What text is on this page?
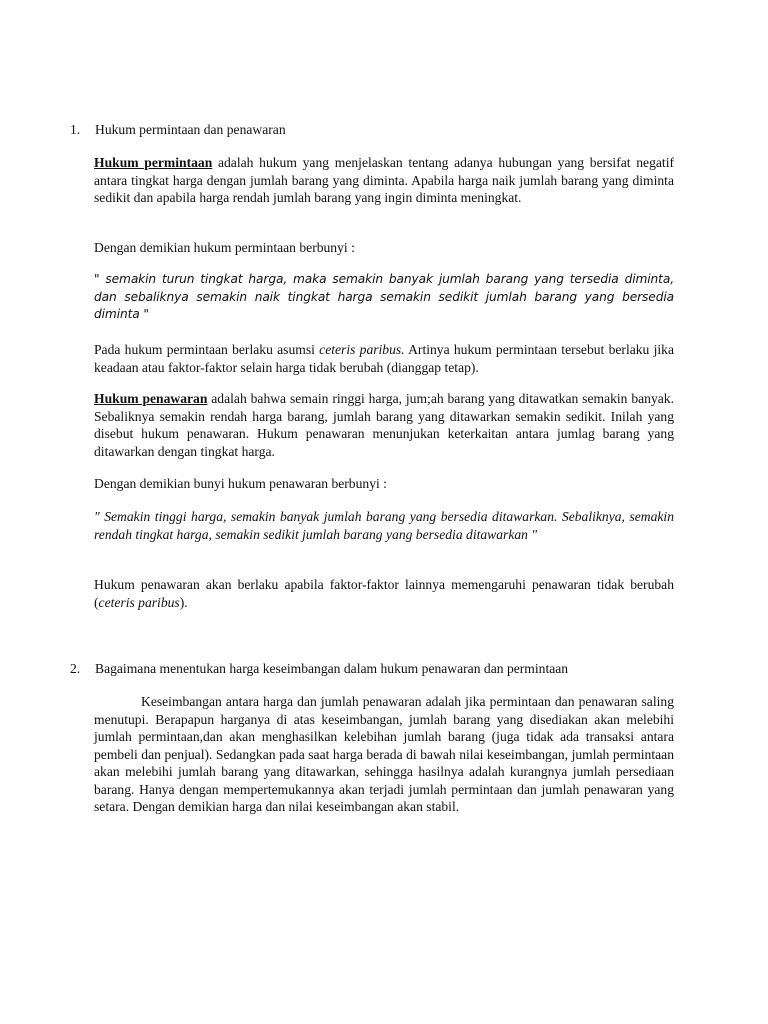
1. Hukum permintaan dan penawaran

Hukum permintaan adalah hukum yang menjelaskan tentang adanya hubungan yang bersifat negatif antara tingkat harga dengan jumlah barang yang diminta. Apabila harga naik jumlah barang yang diminta sedikit dan apabila harga rendah jumlah barang yang ingin diminta meningkat.

Dengan demikian hukum permintaan berbunyi :

" semakin turun tingkat harga, maka semakin banyak jumlah barang yang tersedia diminta, dan sebaliknya semakin naik tingkat harga semakin sedikit jumlah barang yang bersedia diminta "

Pada hukum permintaan berlaku asumsi ceteris paribus. Artinya hukum permintaan tersebut berlaku jika keadaan atau faktor-faktor selain harga tidak berubah (dianggap tetap).

Hukum penawaran adalah bahwa semain ringgi harga, jum;ah barang yang ditawatkan semakin banyak. Sebaliknya semakin rendah harga barang, jumlah barang yang ditawarkan semakin sedikit. Inilah yang disebut hukum penawaran. Hukum penawaran menunjukan keterkaitan antara jumlag barang yang ditawarkan dengan tingkat harga.

Dengan demikian bunyi hukum penawaran berbunyi :

" Semakin tinggi harga, semakin banyak jumlah barang yang bersedia ditawarkan. Sebaliknya, semakin rendah tingkat harga, semakin sedikit jumlah barang yang bersedia ditawarkan "

Hukum penawaran akan berlaku apabila faktor-faktor lainnya memengaruhi penawaran tidak berubah (ceteris paribus).

2. Bagaimana menentukan harga keseimbangan dalam hukum penawaran dan permintaan

Keseimbangan antara harga dan jumlah penawaran adalah jika permintaan dan penawaran saling menutupi. Berapapun harganya di atas keseimbangan, jumlah barang yang disediakan akan melebihi jumlah permintaan,dan akan menghasilkan kelebihan jumlah barang (juga tidak ada transaksi antara pembeli dan penjual). Sedangkan pada saat harga berada di bawah nilai keseimbangan, jumlah permintaan akan melebihi jumlah barang yang ditawarkan, sehingga hasilnya adalah kurangnya jumlah persediaan barang. Hanya dengan mempertemukannya akan terjadi jumlah permintaan dan jumlah penawaran yang setara. Dengan demikian harga dan nilai keseimbangan akan stabil.
